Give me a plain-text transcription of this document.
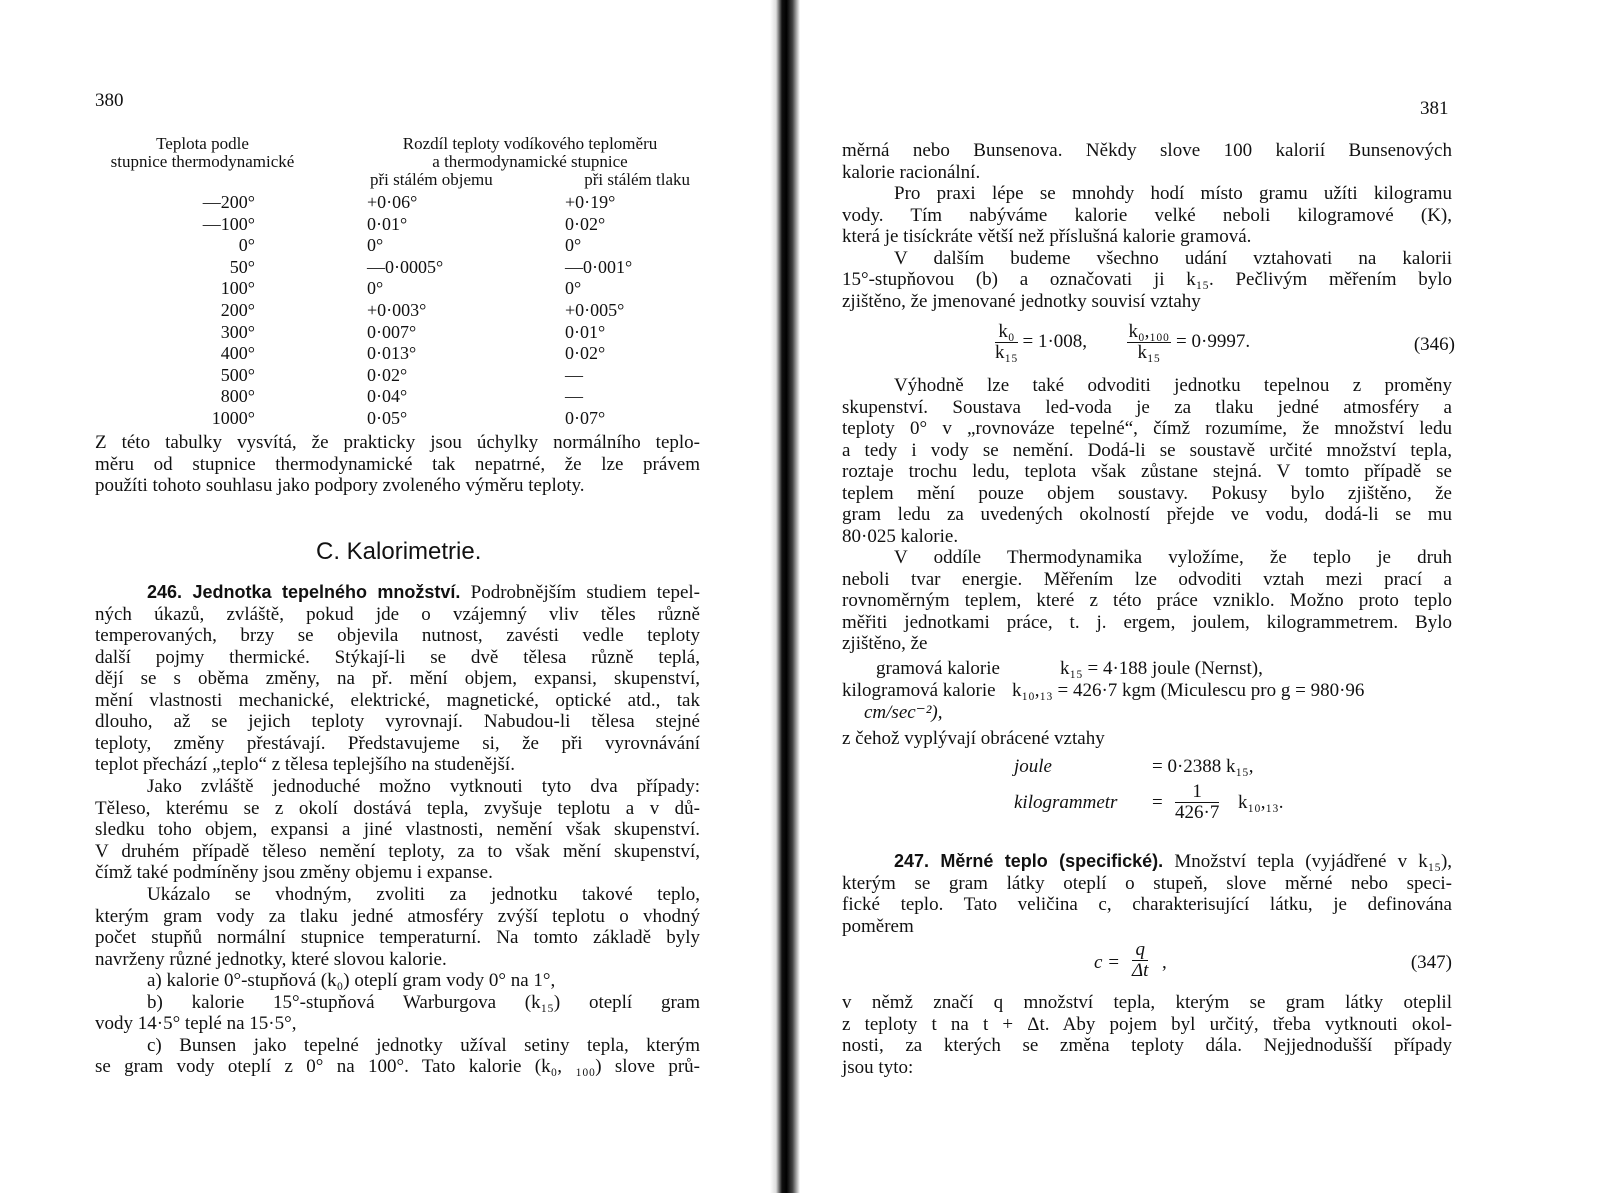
380
Teplota podle
stupnice thermodynamické
Rozdíl teploty vodíkového teploměru
a thermodynamické stupnice
při stálém objemu	při stálém tlaku
—200°	+0·06°	+0·19°
—100°	0·01°	0·02°
0°	0°	0°
50°	—0·0005°	—0·001°
100°	0°	0°
200°	+0·003°	+0·005°
300°	0·007°	0·01°
400°	0·013°	0·02°
500°	0·02°	—
800°	0·04°	—
1000°	0·05°	0·07°
Z této tabulky vysvítá, že prakticky jsou úchylky normálního teplo-
měru od stupnice thermodynamické tak nepatrné, že lze právem
použíti tohoto souhlasu jako podpory zvoleného výměru teploty.
C. Kalorimetrie.
246. Jednotka tepelného množství. Podrobnějším studiem tepel-
ných úkazů, zvláště, pokud jde o vzájemný vliv těles různě
temperovaných, brzy se objevila nutnost, zavésti vedle teploty
další pojmy thermické. Stýkají-li se dvě tělesa různě teplá,
dějí se s oběma změny, na př. mění objem, expansi, skupenství,
mění vlastnosti mechanické, elektrické, magnetické, optické atd., tak
dlouho, až se jejich teploty vyrovnají. Nabudou-li tělesa stejné
teploty, změny přestávají. Představujeme si, že při vyrovnávání
teplot přechází „teplo“ z tělesa teplejšího na studenější.
Jako zvláště jednoduché možno vytknouti tyto dva případy:
Těleso, kterému se z okolí dostává tepla, zvyšuje teplotu a v dů-
sledku toho objem, expansi a jiné vlastnosti, nemění však skupenství.
V druhém případě těleso nemění teploty, za to však mění skupenství,
čímž také podmíněny jsou změny objemu i expanse.
Ukázalo se vhodným, zvoliti za jednotku takové teplo,
kterým gram vody za tlaku jedné atmosféry zvýší teplotu o vhodný
počet stupňů normální stupnice temperaturní. Na tomto základě byly
navrženy různé jednotky, které slovou kalorie.
a) kalorie 0°-stupňová (k₀) oteplí gram vody 0° na 1°,
b) kalorie 15°-stupňová Warburgova (k₁₅) oteplí gram
vody 14·5° teplé na 15·5°,
c) Bunsen jako tepelné jednotky užíval setiny tepla, kterým
se gram vody oteplí z 0° na 100°. Tato kalorie (k₀, ₁₀₀) slove prů-
381
měrná nebo Bunsenova. Někdy slove 100 kalorií Bunsenových
kalorie racionální.
Pro praxi lépe se mnohdy hodí místo gramu užíti kilogramu
vody. Tím nabýváme kalorie velké neboli kilogramové (K),
která je tisíckráte větší než příslušná kalorie gramová.
V dalším budeme všechno udání vztahovati na kalorii
15°-stupňovou (b) a označovati ji k₁₅. Pečlivým měřením bylo
zjištěno, že jmenované jednotky souvisí vztahy
$\frac{\text{k₀}}{\text{k₁₅}} = 1\cdot 008$, $\frac{\text{k₀,₁₀₀}}{\text{k₁₅}} = 0\cdot 9997$.	(346)
Výhodně lze také odvoditi jednotku tepelnou z proměny
skupenství. Soustava led-voda je za tlaku jedné atmosféry a
teploty 0° v „rovnováze tepelné“, čímž rozumíme, že množství ledu
a tedy i vody se nemění. Dodá-li se soustavě určité množství tepla,
roztaje trochu ledu, teplota však zůstane stejná. V tomto případě se
teplem mění pouze objem soustavy. Pokusy bylo zjištěno, že
gram ledu za uvedených okolností přejde ve vodu, dodá-li se mu
80·025 kalorie.
V oddíle Thermodynamika vyložíme, že teplo je druh
neboli tvar energie. Měřením lze odvoditi vztah mezi prací a
rovnoměrným teplem, které z této práce vzniklo. Možno proto teplo
měřiti jednotkami práce, t. j. ergem, joulem, kilogrammetrem. Bylo
zjištěno, že
gramová kalorie	k₁₅ = 4·188 joule (Nernst),
kilogramová kalorie k₁₀,₁₃ = 426·7 kgm (Miculescu pro g = 980·96
cm/sec⁻²),
z čehož vyplývají obrácené vztahy
joule	= 0·2388 k₁₅,
kilogrammetr = $\frac{1}{426\cdot 7} k_{10},_{13}$.
247. Měrné teplo (specifické). Množství tepla (vyjádřené v k₁₅),
kterým se gram látky oteplí o stupeň, slove měrné nebo speci-
fické teplo. Tato veličina c, charakterisující látku, je definována
poměrem
$c = \frac{q}{\Delta t}$ ,	(347)
v němž značí q množství tepla, kterým se gram látky oteplil
z teploty t na t + Δt. Aby pojem byl určitý, třeba vytknouti okol-
nosti, za kterých se změna teploty dála. Nejjednodušší případy
jsou tyto:
